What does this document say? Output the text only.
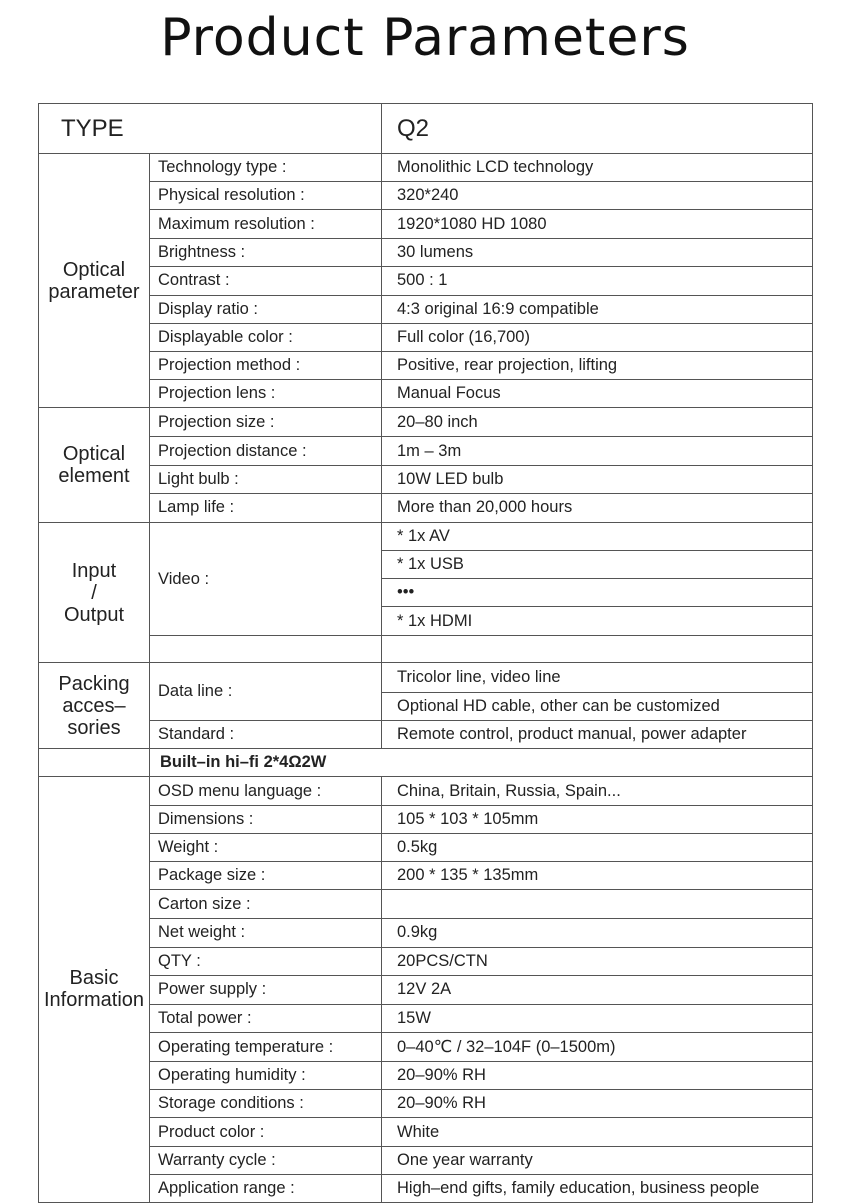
Product Parameters
TYPE		Q2

Optical
parameter	Technology type :	Monolithic LCD technology
	Physical resolution :	320*240
	Maximum resolution :	1920*1080 HD 1080
	Brightness :	30 lumens
	Contrast :	500 : 1
	Display ratio :	4:3 original 16:9 compatible
	Displayable color :	Full color (16,700)
	Projection method :	Positive, rear projection, lifting
	Projection lens :	Manual Focus

Optical
element	Projection size :	20–80 inch
	Projection distance :	1m – 3m
	Light bulb :	10W LED bulb
	Lamp life :	More than 20,000 hours

Input
/
Output	Video :	* 1x AV
		* 1x USB
		•••
		* 1x HDMI

Packing
acces–
sories	Data line :	Tricolor line, video line
		Optional HD cable, other can be customized
	Standard :	Remote control, product manual, power adapter
	Built–in hi–fi 2*4Ω2W	

Basic
Information	OSD menu language :	China, Britain, Russia, Spain...
	Dimensions :	105 * 103 * 105mm
	Weight :	0.5kg
	Package size :	200 * 135 * 135mm
	Carton size :	
	Net weight :	0.9kg
	QTY :	20PCS/CTN
	Power supply :	12V 2A
	Total power :	15W
	Operating temperature :	0–40℃ / 32–104F (0–1500m)
	Operating humidity :	20–90% RH
	Storage conditions :	20–90% RH
	Product color :	White
	Warranty cycle :	One year warranty
	Application range :	High–end gifts, family education, business people
